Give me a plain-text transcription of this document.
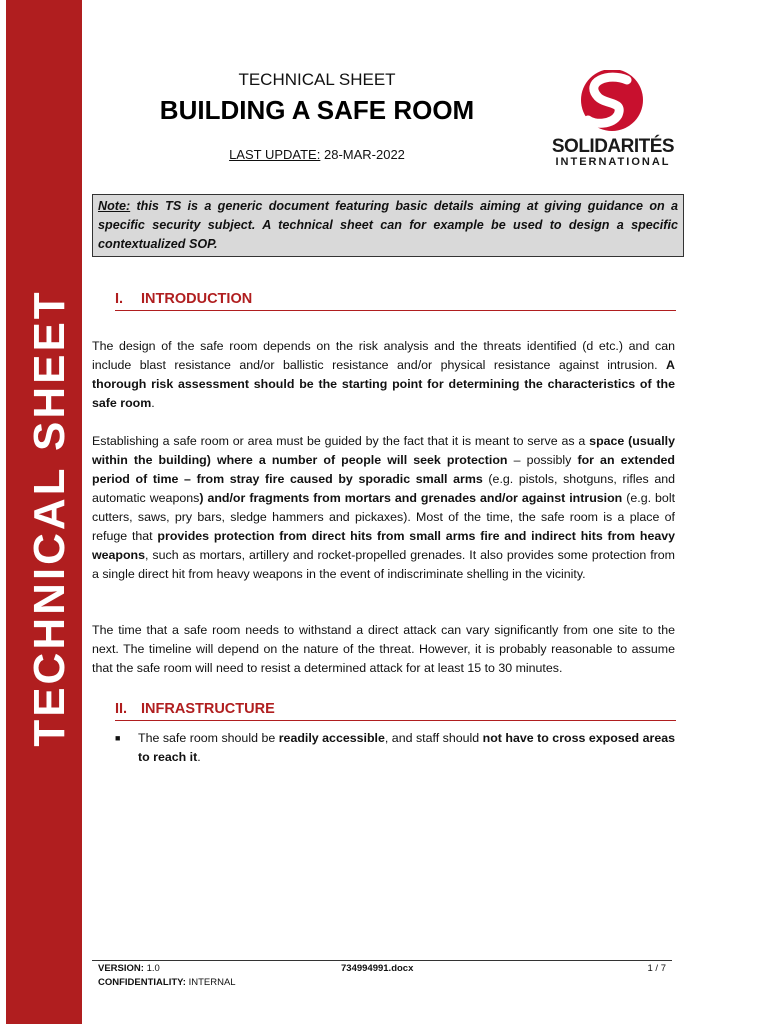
TECHNICAL SHEET
TECHNICAL SHEET
BUILDING A SAFE ROOM
LAST UPDATE: 28-MAR-2022	SOLIDARITÉS
INTERNATIONAL
Note: this TS is a generic document featuring basic details aiming at giving guidance on a specific security subject. A technical sheet can for example be used to design a specific contextualized SOP.
I. INTRODUCTION

The design of the safe room depends on the risk analysis and the threats identified (d etc.) and can include blast resistance and/or ballistic resistance and/or physical resistance against intrusion. A thorough risk assessment should be the starting point for determining the characteristics of the safe room.

Establishing a safe room or area must be guided by the fact that it is meant to serve as a space (usually within the building) where a number of people will seek protection – possibly for an extended period of time – from stray fire caused by sporadic small arms (e.g. pistols, shotguns, rifles and automatic weapons) and/or fragments from mortars and grenades and/or against intrusion (e.g. bolt cutters, saws, pry bars, sledge hammers and pickaxes). Most of the time, the safe room is a place of refuge that provides protection from direct hits from small arms fire and indirect hits from heavy weapons, such as mortars, artillery and rocket-propelled grenades. It also provides some protection from a single direct hit from heavy weapons in the event of indiscriminate shelling in the vicinity.

The time that a safe room needs to withstand a direct attack can vary significantly from one site to the next. The timeline will depend on the nature of the threat. However, it is probably reasonable to assume that the safe room will need to resist a determined attack for at least 15 to 30 minutes.

II. INFRASTRUCTURE
■ The safe room should be readily accessible, and staff should not have to cross exposed areas to reach it.
VERSION: 1.0	734994991.docx	1 / 7
CONFIDENTIALITY: INTERNAL
